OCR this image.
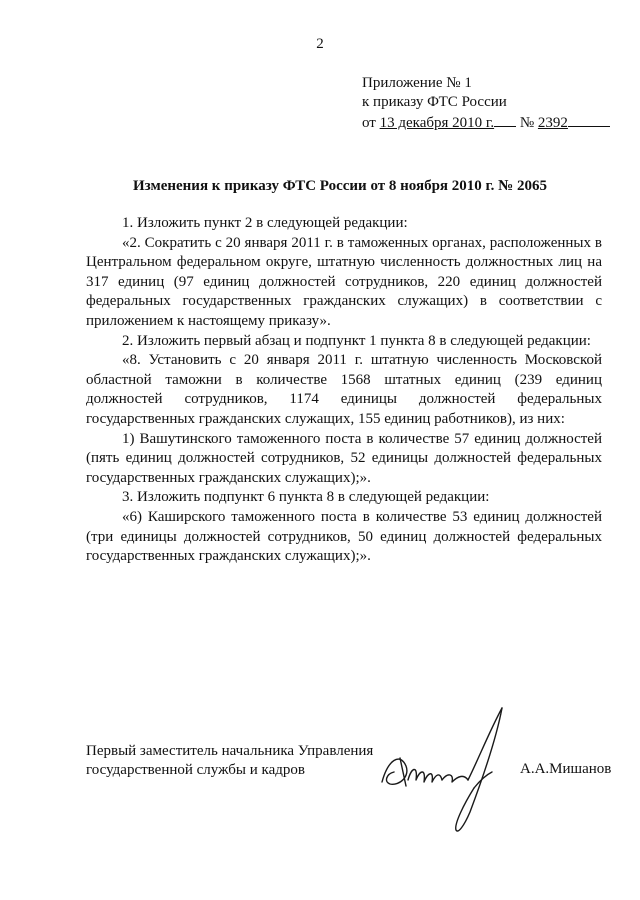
2
Приложение № 1
к приказу ФТС России
от 13 декабря 2010 г. № 2392
Изменения к приказу ФТС России от 8 ноября 2010 г. № 2065

1. Изложить пункт 2 в следующей редакции:

«2. Сократить с 20 января 2011 г. в таможенных органах, расположенных в Центральном федеральном округе, штатную численность должностных лиц на 317 единиц (97 единиц должностей сотрудников, 220 единиц должностей федеральных государственных гражданских служащих) в соответствии с приложением к настоящему приказу».

2. Изложить первый абзац и подпункт 1 пункта 8 в следующей редакции:

«8. Установить с 20 января 2011 г. штатную численность Московской областной таможни в количестве 1568 штатных единиц (239 единиц должностей сотрудников, 1174 единицы должностей федеральных государственных гражданских служащих, 155 единиц работников), из них:

1) Вашутинского таможенного поста в количестве 57 единиц должностей (пять единиц должностей сотрудников, 52 единицы должностей федеральных государственных гражданских служащих);».

3. Изложить подпункт 6 пункта 8 в следующей редакции:

«6) Каширского таможенного поста в количестве 53 единиц должностей (три единицы должностей сотрудников, 50 единиц должностей федеральных государственных гражданских служащих);».

Первый заместитель начальника Управления
государственной службы и кадров	А.А.Мишанов
